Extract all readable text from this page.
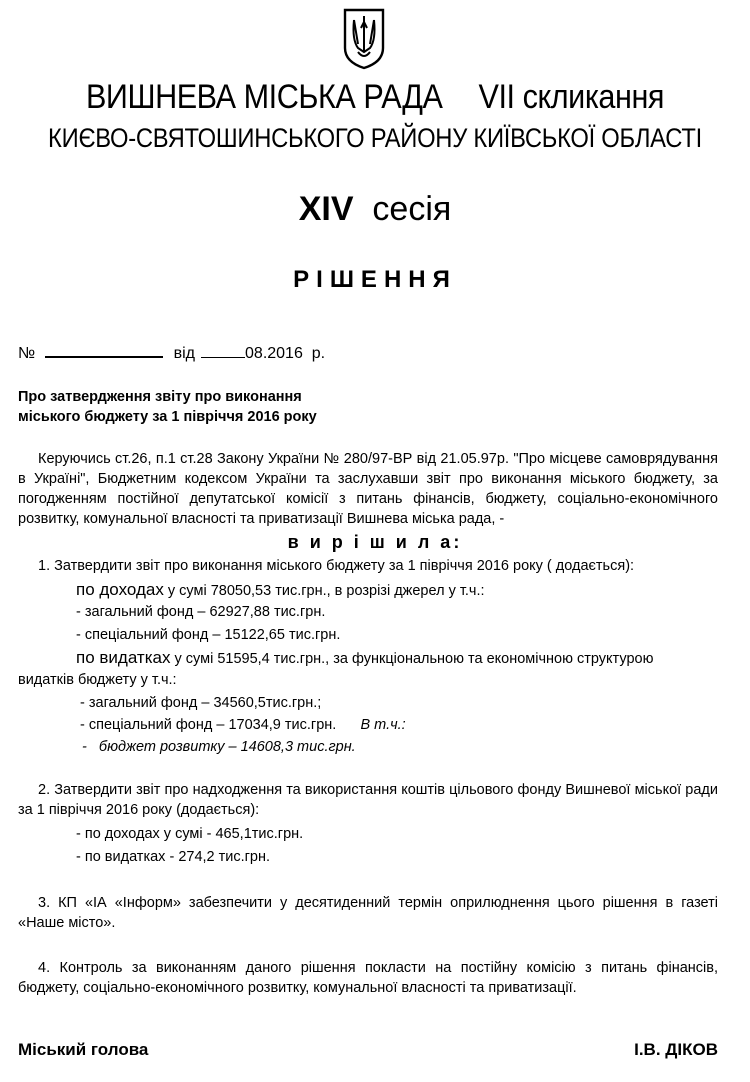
ВИШНЕВА МІСЬКА РАДА VII скликання
КИЄВО-СВЯТОШИНСЬКОГО РАЙОНУ КИЇВСЬКОЇ ОБЛАСТІ
XIV сесія
РІШЕННЯ
№	від	08.2016 р.
Про затвердження звіту про виконання
міського бюджету за 1 півріччя 2016 року
Керуючись ст.26, п.1 ст.28 Закону України № 280/97-ВР від 21.05.97р. "Про місцеве самоврядування в Україні", Бюджетним кодексом України та заслухавши звіт про виконання міського бюджету, за погодженням постійної депутатської комісії з питань фінансів, бюджету, соціально-економічного розвитку, комунальної власності та приватизації Вишнева міська рада, -
в и р і ш и л а:
1. Затвердити звіт про виконання міського бюджету за 1 півріччя 2016 року ( додається):
по доходах у сумі 78050,53 тис.грн., в розрізі джерел у т.ч.:
- загальний фонд – 62927,88 тис.грн.
- спеціальний фонд – 15122,65 тис.грн.
по видатках у сумі 51595,4 тис.грн., за функціональною та економічною структурою
видатків бюджету у т.ч.:
- загальний фонд – 34560,5тис.грн.;
- спеціальний фонд – 17034,9 тис.грн. В т.ч.:
-   бюджет розвитку – 14608,3 тис.грн.
2. Затвердити звіт про надходження та використання коштів цільового фонду Вишневої міської ради за 1 півріччя 2016 року (додається):
- по доходах у сумі - 465,1тис.грн.
- по видатках - 274,2 тис.грн.
3. КП «ІА «Інформ» забезпечити у десятиденний термін оприлюднення цього рішення в газеті «Наше місто».
4. Контроль за виконанням даного рішення покласти на постійну комісію з питань фінансів, бюджету, соціально-економічного розвитку, комунальної власності та приватизації.
Міський голова	І.В. ДІКОВ
